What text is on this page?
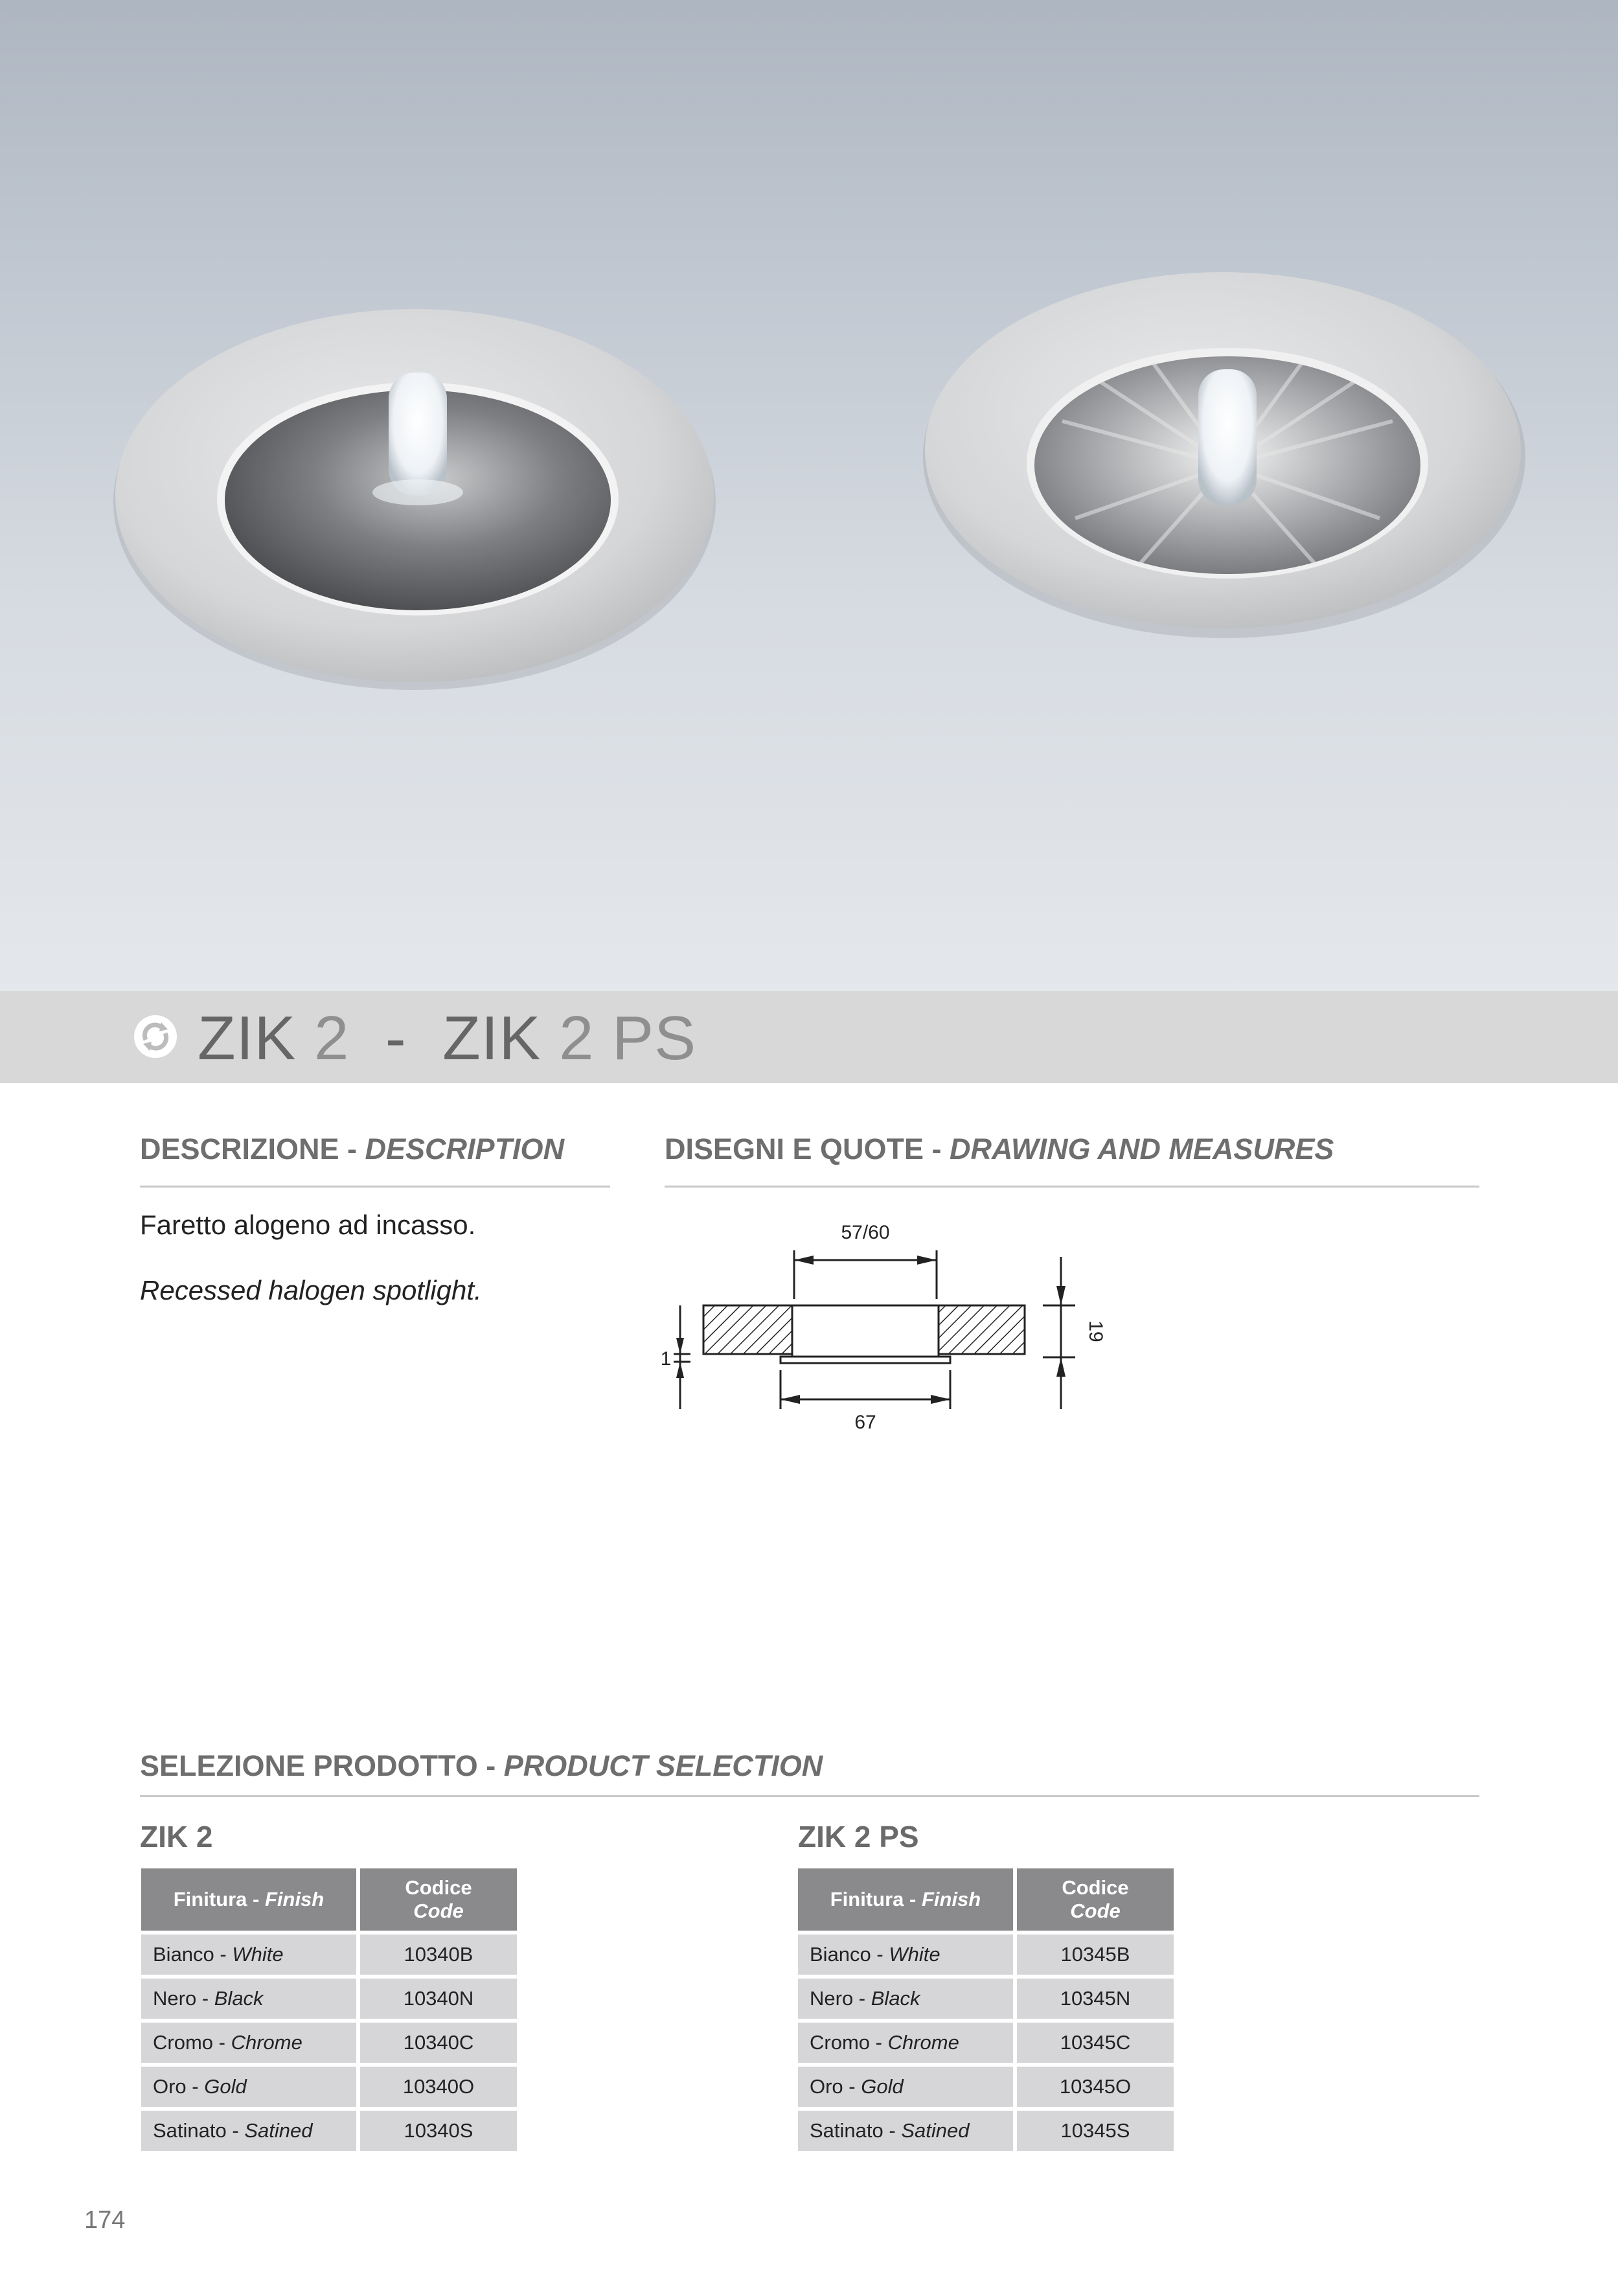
ZIK 2 - ZIK 2 PS
DESCRIZIONE - DESCRIPTION
Faretto alogeno ad incasso.
Recessed halogen spotlight.
DISEGNI E QUOTE - DRAWING AND MEASURES
57/60
67
1
19
SELEZIONE PRODOTTO - PRODUCT SELECTION
ZIK 2	ZIK 2 PS
Finitura - Finish	Codice
Code
Bianco - White	10340B
Nero - Black	10340N
Cromo - Chrome	10340C
Oro - Gold	10340O
Satinato - Satined	10340S
Finitura - Finish	Codice
Code
Bianco - White	10345B
Nero - Black	10345N
Cromo - Chrome	10345C
Oro - Gold	10345O
Satinato - Satined	10345S
174
